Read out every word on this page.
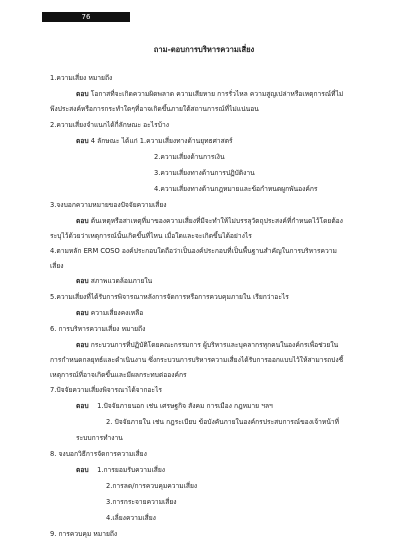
76
ถาม-ตอบการบริหารความเสี่ยง
1.ความเสี่ยง หมายถึง
ตอบ โอกาสที่จะเกิดความผิดพลาด ความเสียหาย การรั่วไหล ความสูญเปล่าหรือเหตุการณ์ที่ไม่
พึงประสงค์หรือการกระทำใดๆที่อาจเกิดขึ้นภายใต้สถานการณ์ที่ไม่แน่นอน
2.ความเสี่ยงจำแนกได้กี่ลักษณะ อะไรบ้าง
ตอบ 4 ลักษณะ ได้แก่ 1.ความเสี่ยงทางด้านยุทธศาสตร์
2.ความเสี่ยงด้านการเงิน
3.ความเสี่ยงทางด้านการปฏิบัติงาน
4.ความเสี่ยงทางด้านกฎหมายและข้อกำหนดผูกพันองค์กร
3.จงบอกความหมายของปัจจัยความเสี่ยง
ตอบ ต้นเหตุหรือสาเหตุที่มาของความเสี่ยงที่มีจะทำให้ไม่บรรลุวัตถุประสงค์ที่กำหนดไว้โดยต้อง
ระบุไว้ด้วยว่าเหตุการณ์นั้นเกิดขึ้นที่ไหน เมื่อใดและจะเกิดขึ้นได้อย่างไร
4.ตามหลัก ERM COSO องค์ประกอบใดถือว่าเป็นองค์ประกอบที่เป็นพื้นฐานสำคัญในการบริหารความ
เสี่ยง
ตอบ สภาพแวดล้อมภายใน
5.ความเสี่ยงที่ได้รับการพิจารณาหลังการจัดการหรือการควบคุมภายใน เรียกว่าอะไร
ตอบ ความเสี่ยงคงเหลือ
6. การบริหารความเสี่ยง หมายถึง
ตอบ กระบวนการที่ปฏิบัติโดยคณะกรรมการ ผู้บริหารและบุคลากรทุกคนในองค์กรเพื่อช่วยใน
การกำหนดกลยุทธ์และดำเนินงาน ซึ่งกระบวนการบริหารความเสี่ยงได้รับการออกแบบไว้ให้สามารถบ่งชี้
เหตุการณ์ที่อาจเกิดขึ้นและมีผลกระทบต่อองค์กร
7.ปัจจัยความเสี่ยงพิจารณาได้จากอะไร
ตอบ 1.ปัจจัยภายนอก เช่น เศรษฐกิจ สังคม การเมือง กฎหมาย ฯลฯ
2. ปัจจัยภายใน เช่น กฎระเบียบ ข้อบังคับภายในองค์กรประสบการณ์ของเจ้าหน้าที่
ระบบการทำงาน
8. จงบอกวิธีการจัดการความเสี่ยง
ตอบ 1.การยอมรับความเสี่ยง
2.การลด/การควบคุมความเสี่ยง
3.การกระจายความเสี่ยง
4.เลี่ยงความเสี่ยง
9. การควบคุม หมายถึง
